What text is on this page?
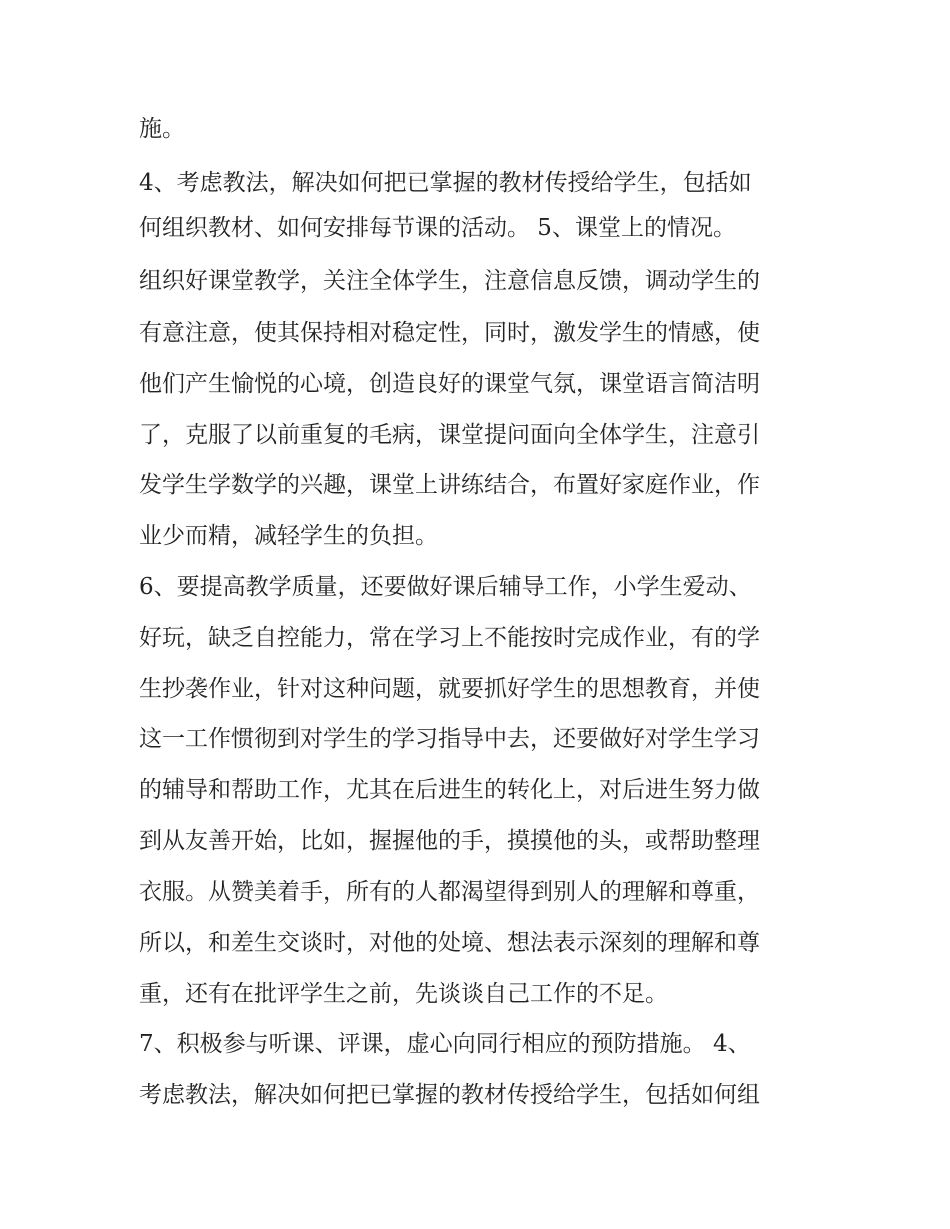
施。
4、考虑教法，解决如何把已掌握的教材传授给学生，包括如
何组织教材、如何安排每节课的活动。 5、课堂上的情况。
组织好课堂教学，关注全体学生，注意信息反馈，调动学生的
有意注意，使其保持相对稳定性，同时，激发学生的情感，使
他们产生愉悦的心境，创造良好的课堂气氛，课堂语言简洁明
了，克服了以前重复的毛病，课堂提问面向全体学生，注意引
发学生学数学的兴趣，课堂上讲练结合，布置好家庭作业，作
业少而精，减轻学生的负担。
6、要提高教学质量，还要做好课后辅导工作，小学生爱动、
好玩，缺乏自控能力，常在学习上不能按时完成作业，有的学
生抄袭作业，针对这种问题，就要抓好学生的思想教育，并使
这一工作惯彻到对学生的学习指导中去，还要做好对学生学习
的辅导和帮助工作，尤其在后进生的转化上，对后进生努力做
到从友善开始，比如，握握他的手，摸摸他的头，或帮助整理
衣服。从赞美着手，所有的人都渴望得到别人的理解和尊重，
所以，和差生交谈时，对他的处境、想法表示深刻的理解和尊
重，还有在批评学生之前，先谈谈自己工作的不足。
7、积极参与听课、评课，虚心向同行相应的预防措施。 4、
考虑教法，解决如何把已掌握的教材传授给学生，包括如何组
